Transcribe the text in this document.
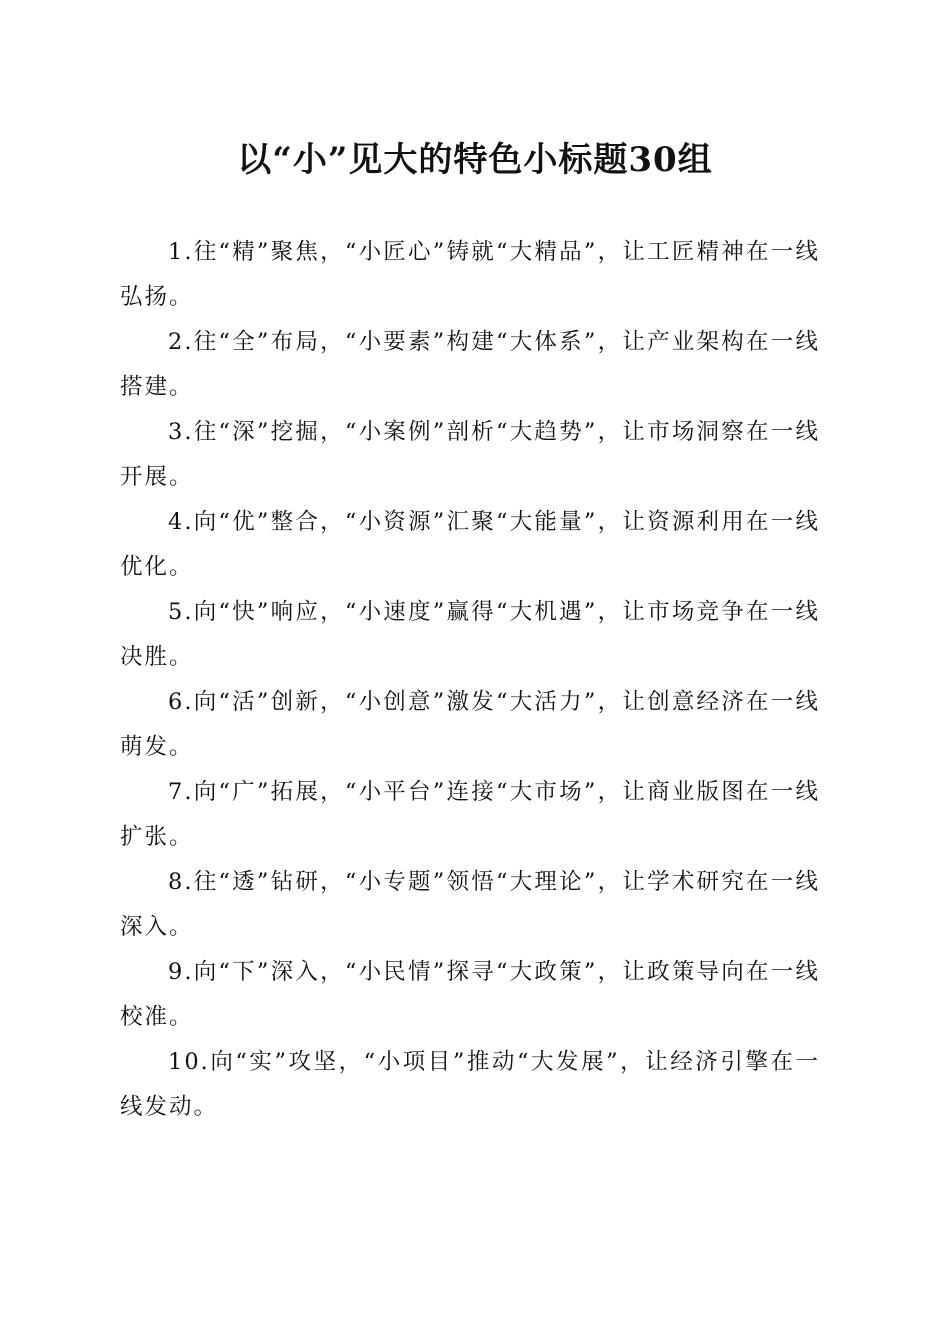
以“小”见大的特色小标题30组

1.往“精”聚焦，“小匠心”铸就“大精品”，让工匠精神在一线弘扬。

2.往“全”布局，“小要素”构建“大体系”，让产业架构在一线搭建。

3.往“深”挖掘，“小案例”剖析“大趋势”，让市场洞察在一线开展。

4.向“优”整合，“小资源”汇聚“大能量”，让资源利用在一线优化。

5.向“快”响应，“小速度”赢得“大机遇”，让市场竞争在一线决胜。

6.向“活”创新，“小创意”激发“大活力”，让创意经济在一线萌发。

7.向“广”拓展，“小平台”连接“大市场”，让商业版图在一线扩张。

8.往“透”钻研，“小专题”领悟“大理论”，让学术研究在一线深入。

9.向“下”深入，“小民情”探寻“大政策”，让政策导向在一线校准。

10.向“实”攻坚，“小项目”推动“大发展”，让经济引擎在一线发动。
